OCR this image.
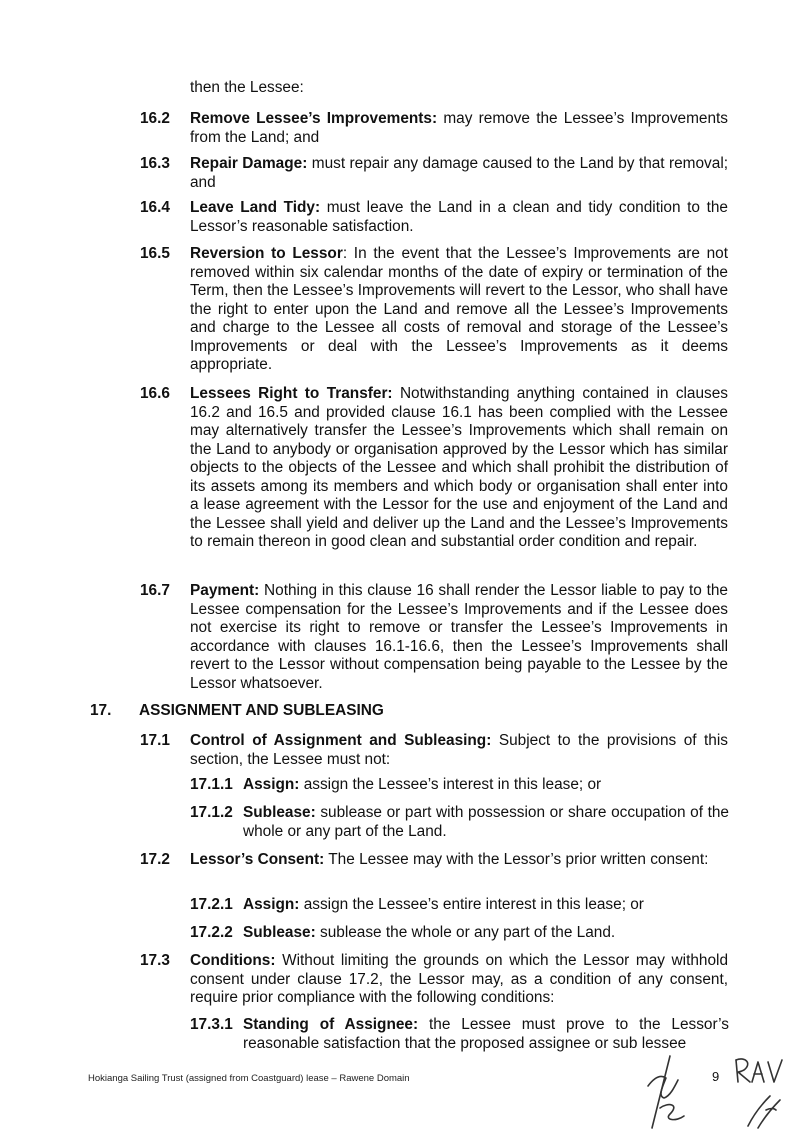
then the Lessee:
16.2 Remove Lessee’s Improvements: may remove the Lessee’s Improvements from the Land; and
16.3 Repair Damage: must repair any damage caused to the Land by that removal; and
16.4 Leave Land Tidy: must leave the Land in a clean and tidy condition to the Lessor’s reasonable satisfaction.
16.5 Reversion to Lessor: In the event that the Lessee’s Improvements are not removed within six calendar months of the date of expiry or termination of the Term, then the Lessee’s Improvements will revert to the Lessor, who shall have the right to enter upon the Land and remove all the Lessee’s Improvements and charge to the Lessee all costs of removal and storage of the Lessee’s Improvements or deal with the Lessee’s Improvements as it deems appropriate.
16.6 Lessees Right to Transfer: Notwithstanding anything contained in clauses 16.2 and 16.5 and provided clause 16.1 has been complied with the Lessee may alternatively transfer the Lessee’s Improvements which shall remain on the Land to anybody or organisation approved by the Lessor which has similar objects to the objects of the Lessee and which shall prohibit the distribution of its assets among its members and which body or organisation shall enter into a lease agreement with the Lessor for the use and enjoyment of the Land and the Lessee shall yield and deliver up the Land and the Lessee’s Improvements to remain thereon in good clean and substantial order condition and repair.
16.7 Payment: Nothing in this clause 16 shall render the Lessor liable to pay to the Lessee compensation for the Lessee’s Improvements and if the Lessee does not exercise its right to remove or transfer the Lessee’s Improvements in accordance with clauses 16.1-16.6, then the Lessee’s Improvements shall revert to the Lessor without compensation being payable to the Lessee by the Lessor whatsoever.
17. ASSIGNMENT AND SUBLEASING
17.1 Control of Assignment and Subleasing: Subject to the provisions of this section, the Lessee must not:
17.1.1 Assign: assign the Lessee’s interest in this lease; or
17.1.2 Sublease: sublease or part with possession or share occupation of the whole or any part of the Land.
17.2 Lessor’s Consent: The Lessee may with the Lessor’s prior written consent:
17.2.1 Assign: assign the Lessee’s entire interest in this lease; or
17.2.2 Sublease: sublease the whole or any part of the Land.
17.3 Conditions: Without limiting the grounds on which the Lessor may withhold consent under clause 17.2, the Lessor may, as a condition of any consent, require prior compliance with the following conditions:
17.3.1 Standing of Assignee: the Lessee must prove to the Lessor’s reasonable satisfaction that the proposed assignee or sub lessee
Hokianga Sailing Trust (assigned from Coastguard) lease – Rawene Domain	9
